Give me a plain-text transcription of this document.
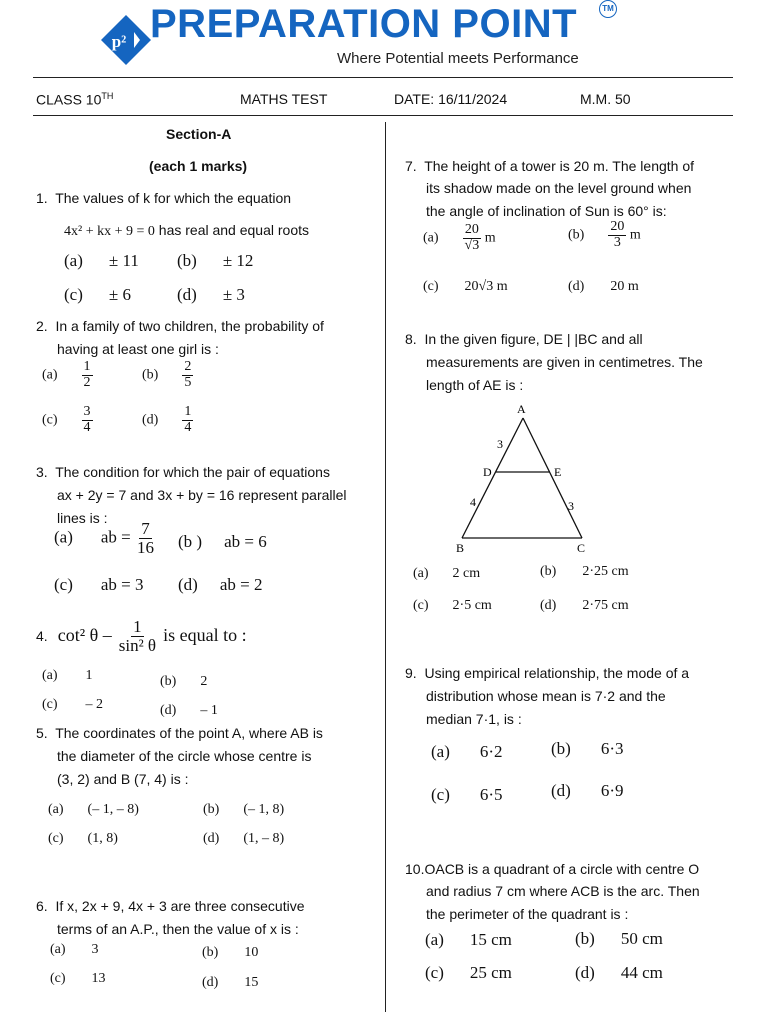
p² PREPARATION POINT	TM
Where Potential meets Performance
CLASS 10TH	MATHS TEST	DATE: 16/11/2024	M.M. 50
Section-A
(each 1 marks)
1. The values of k for which the equation
4x² + kx + 9 = 0 has real and equal roots
(a) ± 11 (b) ± 12
(c) ± 6	(d) ± 3
2. In a family of two children, the probability of
having at least one girl is :
$(a) \frac{1}{2}$	$(b) \frac{2}{5}$
$(c) \frac{3}{4}$	$(d) \frac{1}{4}$
3. The condition for which the pair of equations
ax + 2y = 7 and 3x + by = 16 represent parallel
lines is :
(a) ab = $\frac{7}{16} (b$ ) ab = 6
(c) ab = 3 (d) ab = 2
4. cot² θ – $\frac{1}{\text{sin² θ}}$ is equal to :
(a) 1	(b) 2
(c) – 2	(d) – 1
5. The coordinates of the point A, where AB is
the diameter of the circle whose centre is
(3, 2) and B (7, 4) is :
(a) (– 1, – 8)	(b) (– 1, 8)
(c) (1, 8)	(d) (1, – 8)
6. If x, 2x + 9, 4x + 3 are three consecutive
terms of an A.P., then the value of x is :
(a) 3	(b) 10
(c) 13	(d) 15
7. The height of a tower is 20 m. The length of
its shadow made on the level ground when
the angle of inclination of Sun is 60° is:
$(a) \frac{20}{√3}$ m	$(b) \frac{20}{3}$ m
(c) 20√3 m	(d) 20 m
8. In the given figure, DE | |BC and all
measurements are given in centimetres. The
length of AE is :
A
B	C
D	E
3
4	3
(a) 2 cm	(b) 2·25 cm
(c) 2·5 cm	(d) 2·75 cm
9. Using empirical relationship, the mode of a
distribution whose mean is 7·2 and the
median 7·1, is :
(a) 6·2	(b) 6·3
(c) 6·5	(d) 6·9
10.OACB is a quadrant of a circle with centre O
and radius 7 cm where ACB is the arc. Then
the perimeter of the quadrant is :
(a) 15 cm	(b) 50 cm
(c) 25 cm	(d) 44 cm
